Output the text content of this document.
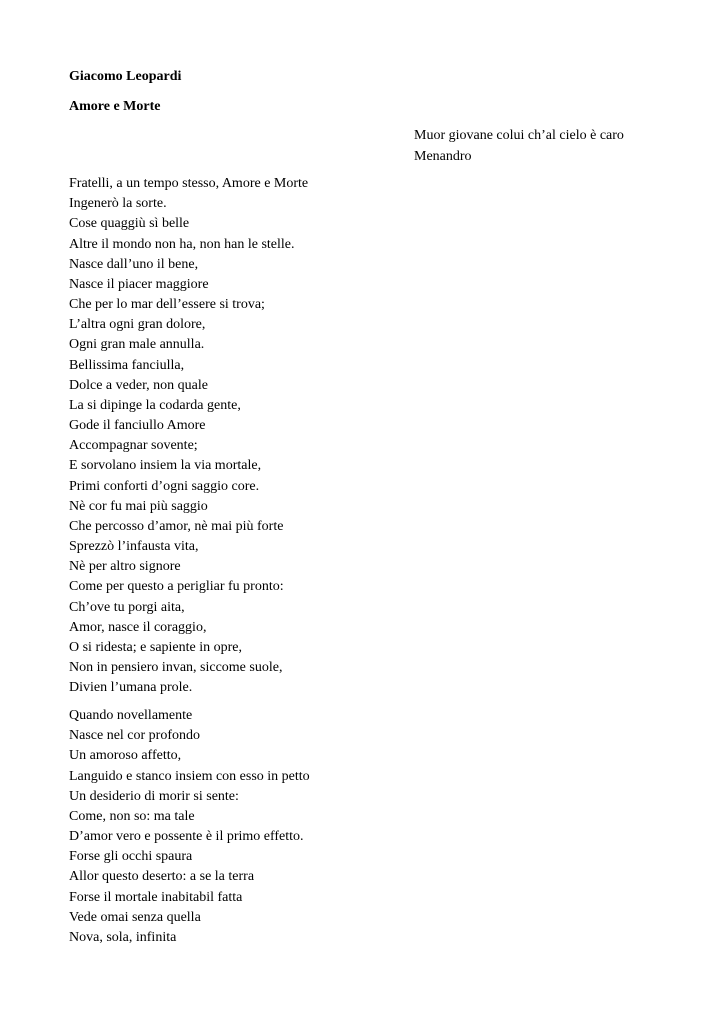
Giacomo Leopardi
Amore e Morte
Muor giovane colui ch’al cielo è caro
Menandro
Fratelli, a un tempo stesso, Amore e Morte
Ingenerò la sorte.
Cose quaggiù sì belle
Altre il mondo non ha, non han le stelle.
Nasce dall’uno il bene,
Nasce il piacer maggiore
Che per lo mar dell’essere si trova;
L’altra ogni gran dolore,
Ogni gran male annulla.
Bellissima fanciulla,
Dolce a veder, non quale
La si dipinge la codarda gente,
Gode il fanciullo Amore
Accompagnar sovente;
E sorvolano insiem la via mortale,
Primi conforti d’ogni saggio core.
Nè cor fu mai più saggio
Che percosso d’amor, nè mai più forte
Sprezzò l’infausta vita,
Nè per altro signore
Come per questo a perigliar fu pronto:
Ch’ove tu porgi aita,
Amor, nasce il coraggio,
O si ridesta; e sapiente in opre,
Non in pensiero invan, siccome suole,
Divien l’umana prole.
Quando novellamente
Nasce nel cor profondo
Un amoroso affetto,
Languido e stanco insiem con esso in petto
Un desiderio di morir si sente:
Come, non so: ma tale
D’amor vero e possente è il primo effetto.
Forse gli occhi spaura
Allor questo deserto: a se la terra
Forse il mortale inabitabil fatta
Vede omai senza quella
Nova, sola, infinita
